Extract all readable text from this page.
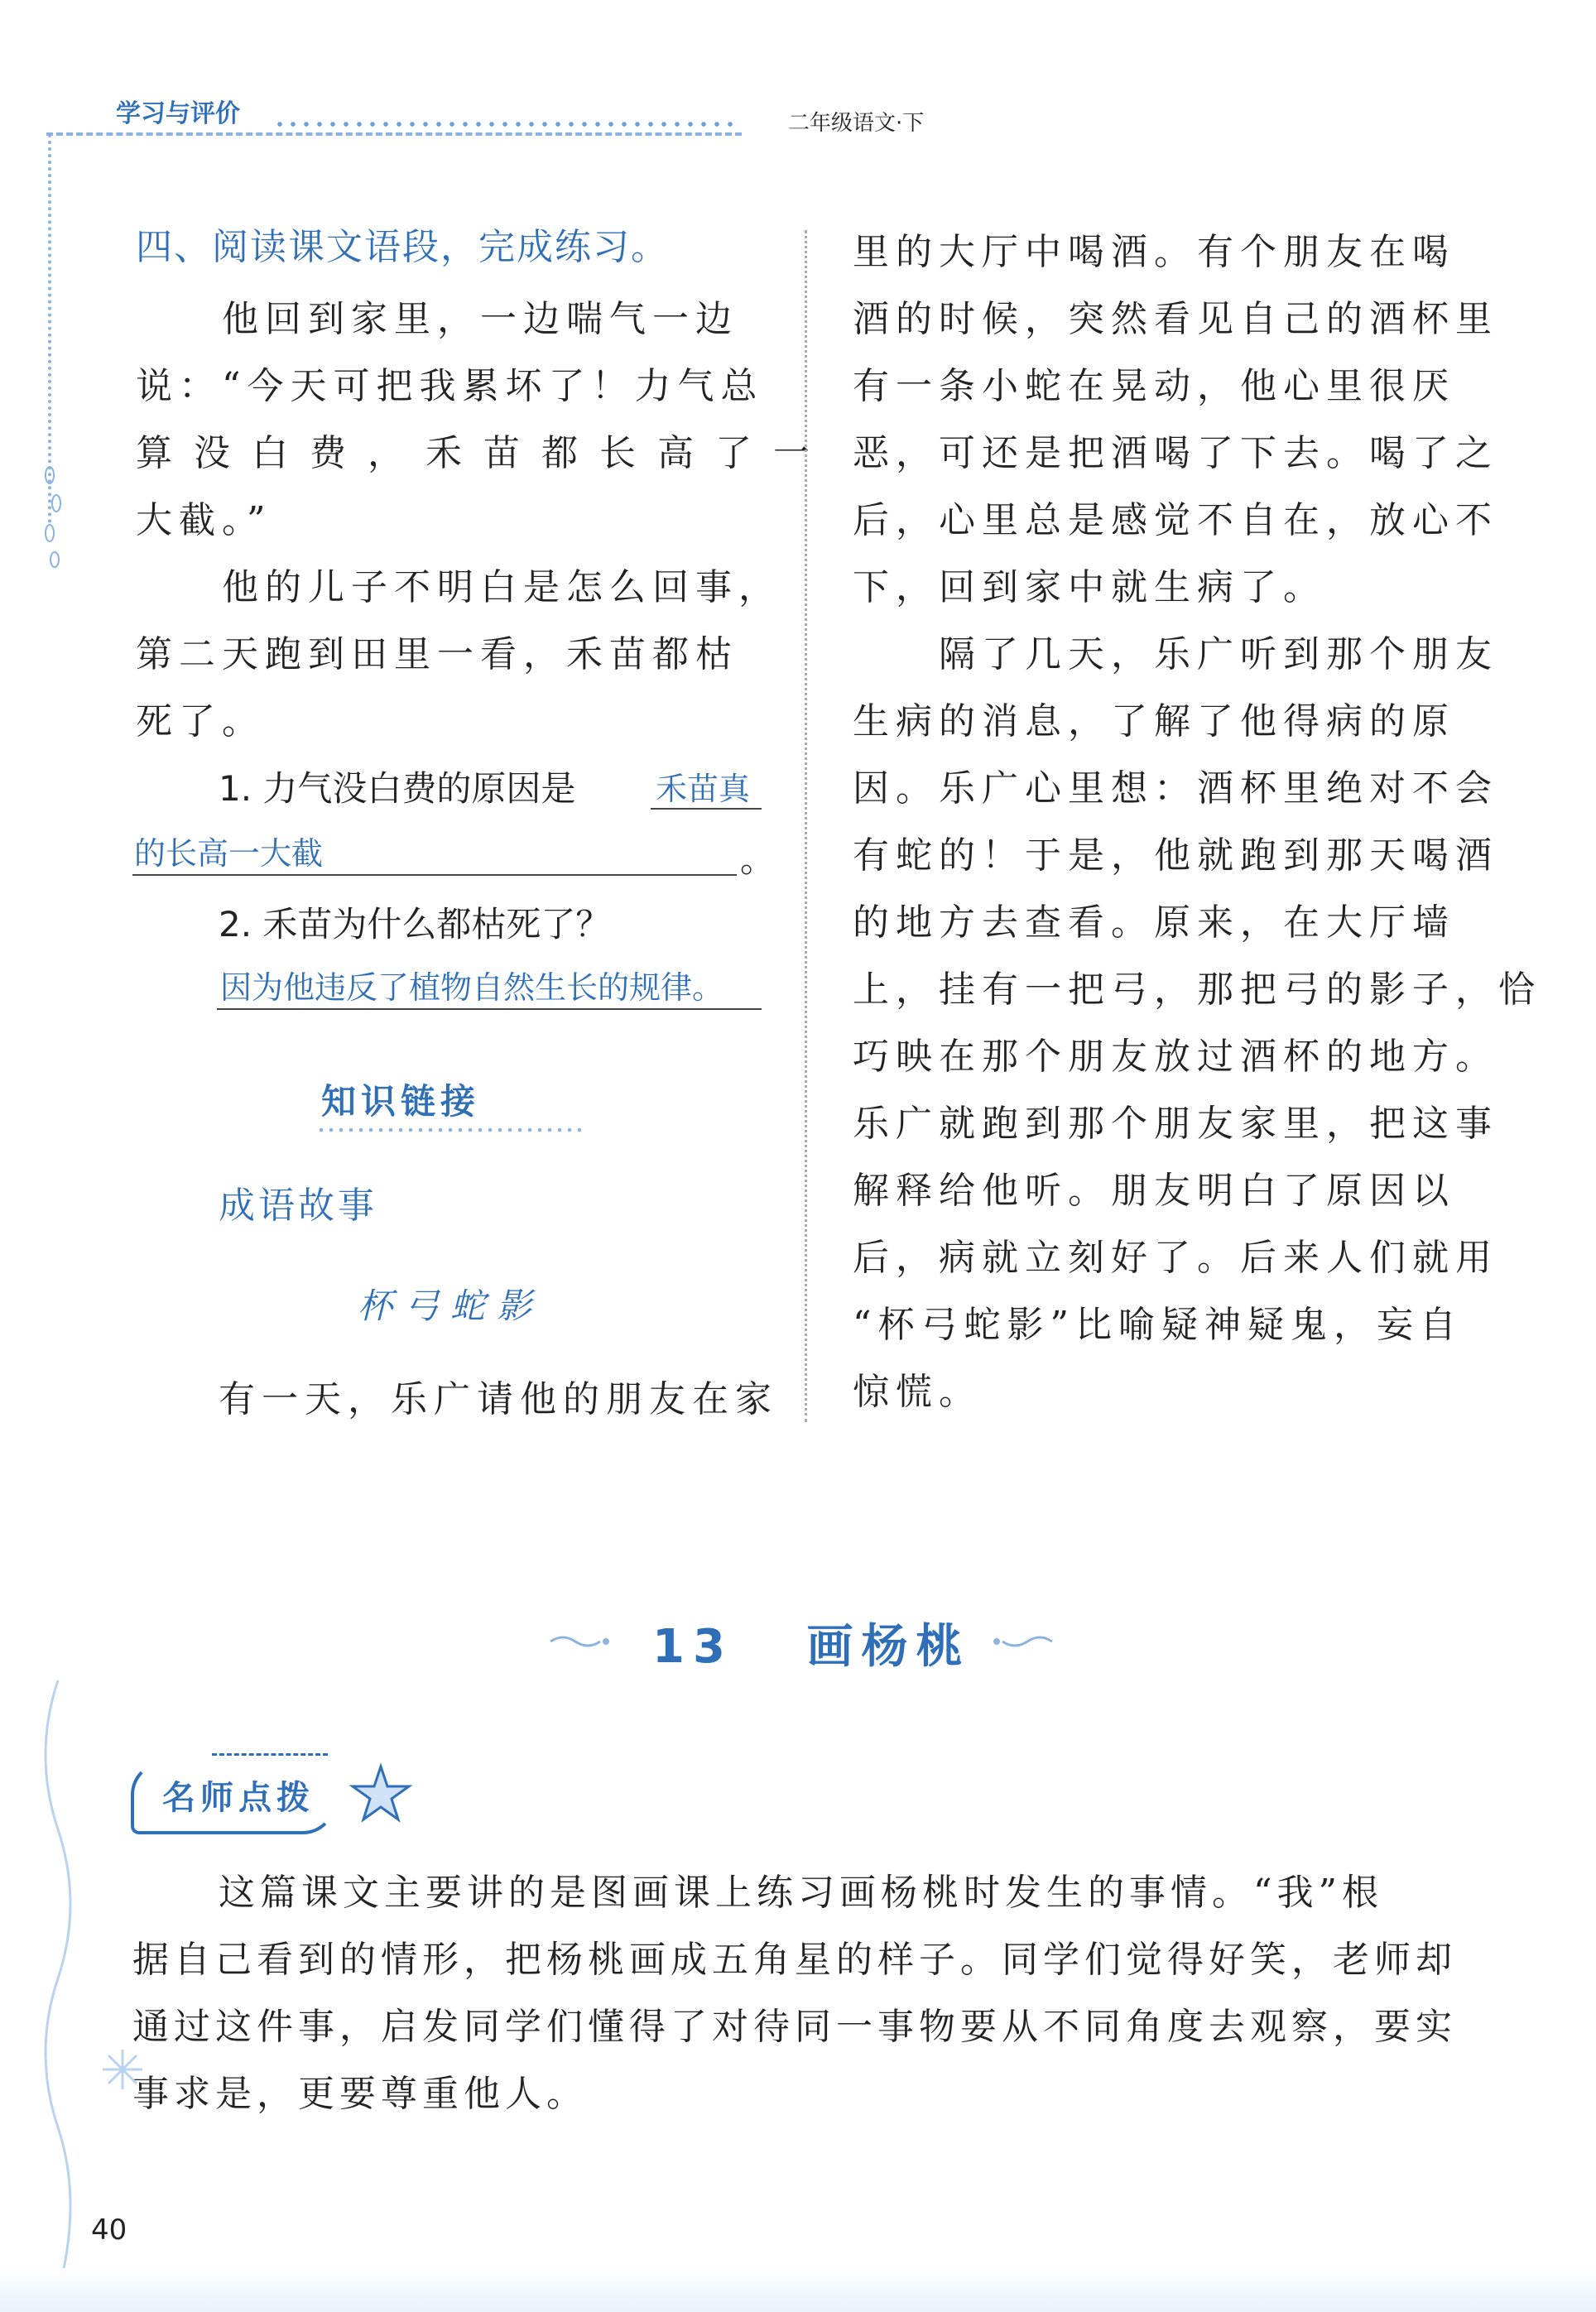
学习与评价	二年级语文·下
四、阅读课文语段，完成练习。
他回到家里，一边喘气一边
说：“今天可把我累坏了！力气总
算没白费，禾苗都长高了一
大截。”
他的儿子不明白是怎么回事，
第二天跑到田里一看，禾苗都枯
死了。
1. 力气没白费的原因是	禾苗真
的长高一大截	。
2. 禾苗为什么都枯死了？
因为他违反了植物自然生长的规律。
知识链接
成语故事
杯弓蛇影
有一天，乐广请他的朋友在家
里的大厅中喝酒。有个朋友在喝
酒的时候，突然看见自己的酒杯里
有一条小蛇在晃动，他心里很厌
恶，可还是把酒喝了下去。喝了之
后，心里总是感觉不自在，放心不
下，回到家中就生病了。
隔了几天，乐广听到那个朋友
生病的消息，了解了他得病的原
因。乐广心里想：酒杯里绝对不会
有蛇的！于是，他就跑到那天喝酒
的地方去查看。原来，在大厅墙
上，挂有一把弓，那把弓的影子，恰
巧映在那个朋友放过酒杯的地方。
乐广就跑到那个朋友家里，把这事
解释给他听。朋友明白了原因以
后，病就立刻好了。后来人们就用
“杯弓蛇影”比喻疑神疑鬼，妄自
惊慌。
13 画杨桃
名师点拨
这篇课文主要讲的是图画课上练习画杨桃时发生的事情。“我”根
据自己看到的情形，把杨桃画成五角星的样子。同学们觉得好笑，老师却
通过这件事，启发同学们懂得了对待同一事物要从不同角度去观察，要实
事求是，更要尊重他人。
40
